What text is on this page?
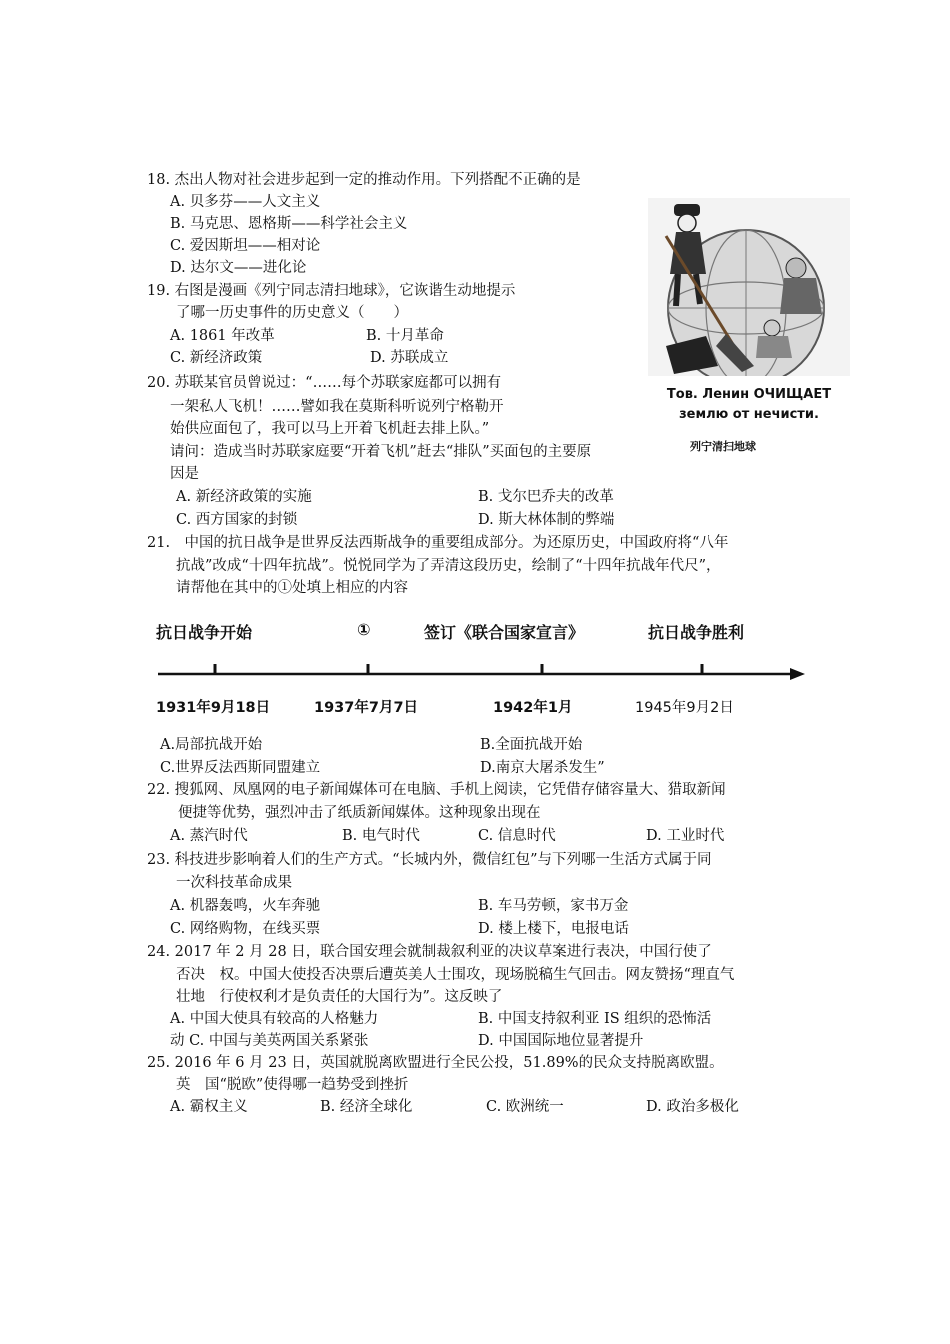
18. 杰出人物对社会进步起到一定的推动作用。下列搭配不正确的是
A. 贝多芬——人文主义
B. 马克思、恩格斯——科学社会主义
C. 爱因斯坦——相对论
D. 达尔文——进化论
19. 右图是漫画《列宁同志清扫地球》，它诙谐生动地提示
了哪一历史事件的历史意义（　　）
A. 1861 年改革	B. 十月革命
C. 新经济政策	D. 苏联成立
Тов. Ленин ОЧИЩАЕТ
землю от нечисти.
列宁清扫地球
20. 苏联某官员曾说过：“……每个苏联家庭都可以拥有
一架私人飞机！……譬如我在莫斯科听说列宁格勒开
始供应面包了，我可以马上开着飞机赶去排上队。”
请问：造成当时苏联家庭要“开着飞机”赶去“排队”买面包的主要原
因是
A. 新经济政策的实施	B. 戈尔巴乔夫的改革
C. 西方国家的封锁	D. 斯大林体制的弊端
21.　中国的抗日战争是世界反法西斯战争的重要组成部分。为还原历史，中国政府将“八年
抗战”改成“十四年抗战”。悦悦同学为了弄清这段历史，绘制了“十四年抗战年代尺”，
请帮他在其中的①处填上相应的内容
抗日战争开始	①	签订《联合国家宣言》	抗日战争胜利
1931年9月18日	1937年7月7日	1942年1月	1945年9月2日
A.局部抗战开始	B.全面抗战开始
C.世界反法西斯同盟建立	D.南京大屠杀发生”
22. 搜狐网、凤凰网的电子新闻媒体可在电脑、手机上阅读，它凭借存储容量大、猎取新闻
便捷等优势，强烈冲击了纸质新闻媒体。这种现象出现在
A. 蒸汽时代	B. 电气时代	C. 信息时代	D. 工业时代
23. 科技进步影响着人们的生产方式。“长城内外，微信红包”与下列哪一生活方式属于同
一次科技革命成果
A. 机器轰鸣，火车奔驰	B. 车马劳顿，家书万金
C. 网络购物，在线买票	D. 楼上楼下，电报电话
24. 2017 年 2 月 28 日，联合国安理会就制裁叙利亚的决议草案进行表决，中国行使了
否决　权。中国大使投否决票后遭英美人士围攻，现场脱稿生气回击。网友赞扬“理直气
壮地　行使权利才是负责任的大国行为”。这反映了
A. 中国大使具有较高的人格魅力	B. 中国支持叙利亚 IS 组织的恐怖活
动 C. 中国与美英两国关系紧张	D. 中国国际地位显著提升
25. 2016 年 6 月 23 日，英国就脱离欧盟进行全民公投，51.89%的民众支持脱离欧盟。
英　国“脱欧”使得哪一趋势受到挫折
A. 霸权主义	B. 经济全球化	C. 欧洲统一	D. 政治多极化
